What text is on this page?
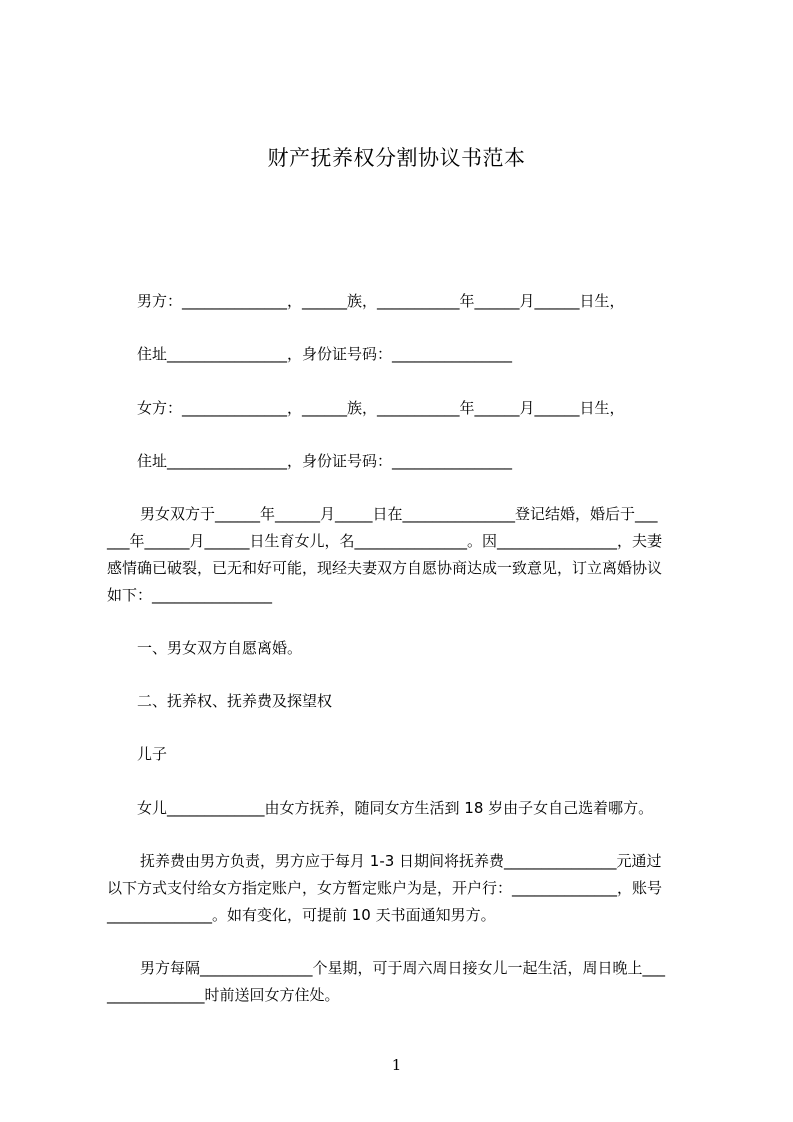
财产抚养权分割协议书范本
男方：______________，______族，___________年______月______日生，
住址________________，身份证号码：________________
女方：______________，______族，___________年______月______日生，
住址________________，身份证号码：________________
男女双方于______年______月_____日在_______________登记结婚，婚后于___
___年______月______日生育女儿，名_______________。因________________，夫妻
感情确已破裂，已无和好可能，现经夫妻双方自愿协商达成一致意见，订立离婚协议
如下：________________
一、男女双方自愿离婚。
二、抚养权、抚养费及探望权
儿子
女儿_____________由女方抚养，随同女方生活到 18 岁由子女自己选着哪方。
抚养费由男方负责，男方应于每月 1-3 日期间将抚养费_______________元通过
以下方式支付给女方指定账户，女方暂定账户为是，开户行：______________，账号
______________。如有变化，可提前 10 天书面通知男方。
男方每隔_______________个星期，可于周六周日接女儿一起生活，周日晚上___
_____________时前送回女方住处。
1
